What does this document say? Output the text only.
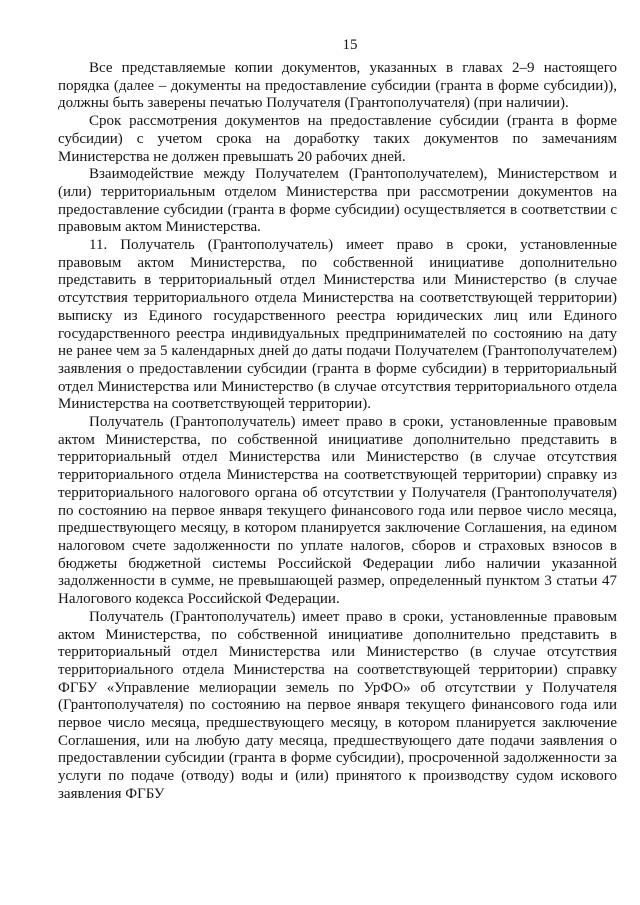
15

Все представляемые копии документов, указанных в главах 2–9 настоящего порядка (далее – документы на предоставление субсидии (гранта в форме субсидии)), должны быть заверены печатью Получателя (Грантополучателя) (при наличии).

Срок рассмотрения документов на предоставление субсидии (гранта в форме субсидии) с учетом срока на доработку таких документов по замечаниям Министерства не должен превышать 20 рабочих дней.

Взаимодействие между Получателем (Грантополучателем), Министерством и (или) территориальным отделом Министерства при рассмотрении документов на предоставление субсидии (гранта в форме субсидии) осуществляется в соответствии с правовым актом Министерства.

11. Получатель (Грантополучатель) имеет право в сроки, установленные правовым актом Министерства, по собственной инициативе дополнительно представить в территориальный отдел Министерства или Министерство (в случае отсутствия территориального отдела Министерства на соответствующей территории) выписку из Единого государственного реестра юридических лиц или Единого государственного реестра индивидуальных предпринимателей по состоянию на дату не ранее чем за 5 календарных дней до даты подачи Получателем (Грантополучателем) заявления о предоставлении субсидии (гранта в форме субсидии) в территориальный отдел Министерства или Министерство (в случае отсутствия территориального отдела Министерства на соответствующей территории).

Получатель (Грантополучатель) имеет право в сроки, установленные правовым актом Министерства, по собственной инициативе дополнительно представить в территориальный отдел Министерства или Министерство (в случае отсутствия территориального отдела Министерства на соответствующей территории) справку из территориального налогового органа об отсутствии у Получателя (Грантополучателя) по состоянию на первое января текущего финансового года или первое число месяца, предшествующего месяцу, в котором планируется заключение Соглашения, на едином налоговом счете задолженности по уплате налогов, сборов и страховых взносов в бюджеты бюджетной системы Российской Федерации либо наличии указанной задолженности в сумме, не превышающей размер, определенный пунктом 3 статьи 47 Налогового кодекса Российской Федерации.

Получатель (Грантополучатель) имеет право в сроки, установленные правовым актом Министерства, по собственной инициативе дополнительно представить в территориальный отдел Министерства или Министерство (в случае отсутствия территориального отдела Министерства на соответствующей территории) справку ФГБУ «Управление мелиорации земель по УрФО» об отсутствии у Получателя (Грантополучателя) по состоянию на первое января текущего финансового года или первое число месяца, предшествующего месяцу, в котором планируется заключение Соглашения, или на любую дату месяца, предшествующего дате подачи заявления о предоставлении субсидии (гранта в форме субсидии), просроченной задолженности за услуги по подаче (отводу) воды и (или) принятого к производству судом искового заявления ФГБУ
